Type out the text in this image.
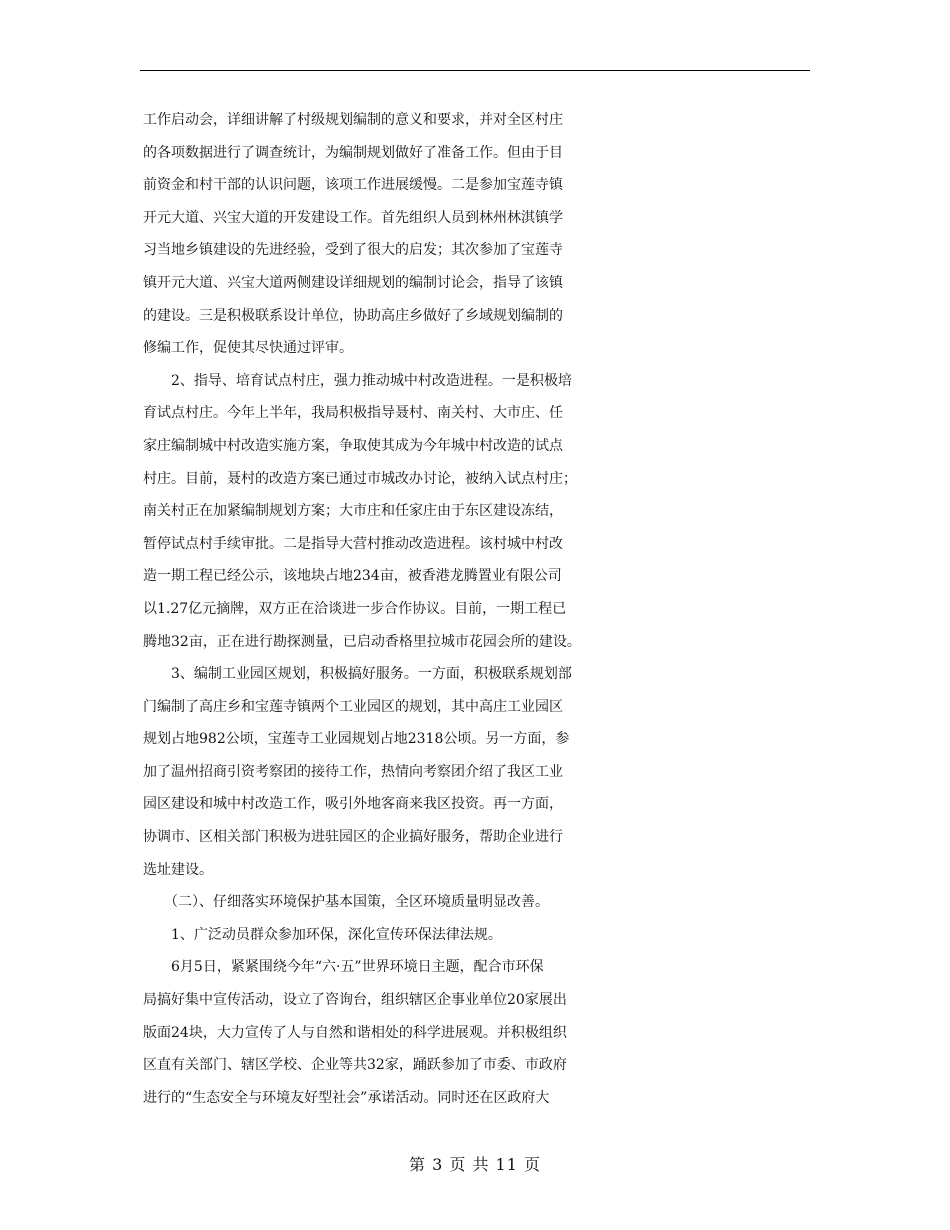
工作启动会，详细讲解了村级规划编制的意义和要求，并对全区村庄
的各项数据进行了调查统计，为编制规划做好了准备工作。但由于目
前资金和村干部的认识问题，该项工作进展缓慢。二是参加宝莲寺镇
开元大道、兴宝大道的开发建设工作。首先组织人员到林州林淇镇学
习当地乡镇建设的先进经验，受到了很大的启发；其次参加了宝莲寺
镇开元大道、兴宝大道两侧建设详细规划的编制讨论会，指导了该镇
的建设。三是积极联系设计单位，协助高庄乡做好了乡域规划编制的
修编工作，促使其尽快通过评审。
　　2、指导、培育试点村庄，强力推动城中村改造进程。一是积极培
育试点村庄。今年上半年，我局积极指导聂村、南关村、大市庄、任
家庄编制城中村改造实施方案，争取使其成为今年城中村改造的试点
村庄。目前，聂村的改造方案已通过市城改办讨论，被纳入试点村庄；
南关村正在加紧编制规划方案；大市庄和任家庄由于东区建设冻结，
暂停试点村手续审批。二是指导大营村推动改造进程。该村城中村改
造一期工程已经公示，该地块占地234亩，被香港龙腾置业有限公司
以1.27亿元摘牌，双方正在洽谈进一步合作协议。目前，一期工程已
腾地32亩，正在进行勘探测量，已启动香格里拉城市花园会所的建设。
　　3、编制工业园区规划，积极搞好服务。一方面，积极联系规划部
门编制了高庄乡和宝莲寺镇两个工业园区的规划，其中高庄工业园区
规划占地982公顷，宝莲寺工业园规划占地2318公顷。另一方面，参
加了温州招商引资考察团的接待工作，热情向考察团介绍了我区工业
园区建设和城中村改造工作，吸引外地客商来我区投资。再一方面，
协调市、区相关部门积极为进驻园区的企业搞好服务，帮助企业进行
选址建设。
　　（二）、仔细落实环境保护基本国策，全区环境质量明显改善。
　　1、广泛动员群众参加环保，深化宣传环保法律法规。
　　6月5日，紧紧围绕今年“六·五”世界环境日主题，配合市环保
局搞好集中宣传活动，设立了咨询台，组织辖区企事业单位20家展出
版面24块，大力宣传了人与自然和谐相处的科学进展观。并积极组织
区直有关部门、辖区学校、企业等共32家，踊跃参加了市委、市政府
进行的“生态安全与环境友好型社会”承诺活动。同时还在区政府大
第 3 页 共 11 页
